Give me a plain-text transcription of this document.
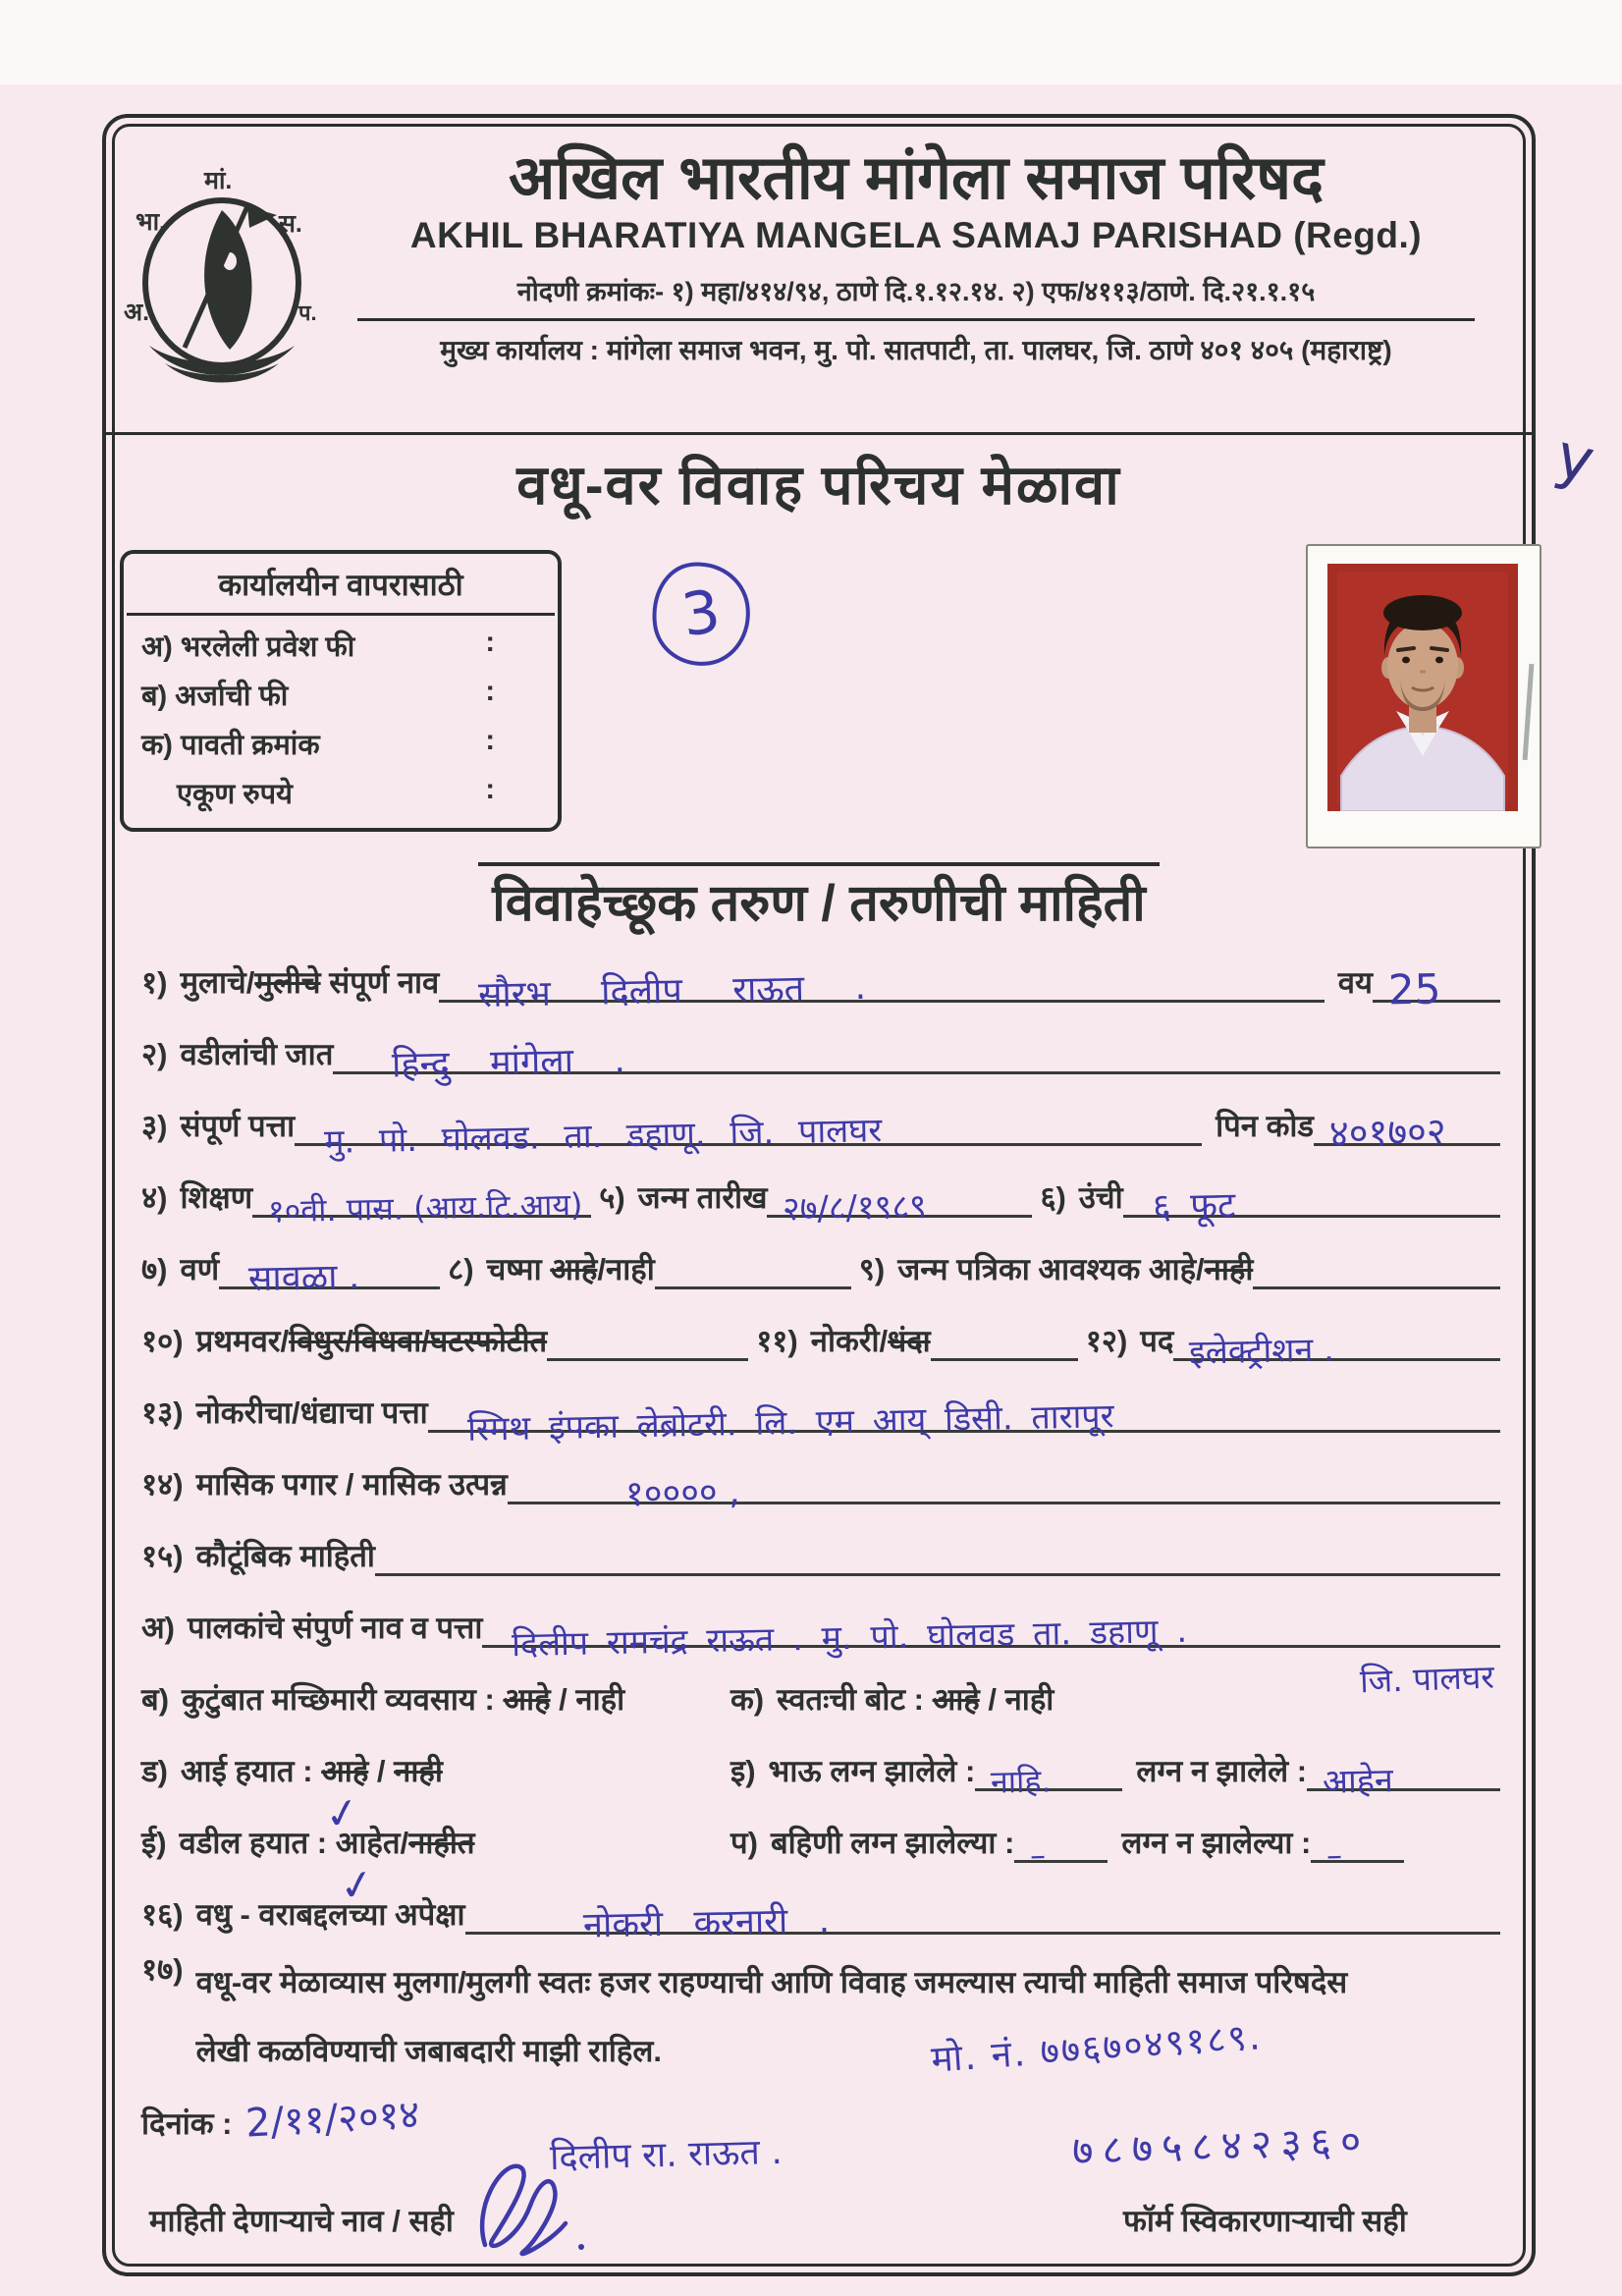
अ.
भा.
मां.
स.
प.
अखिल भारतीय मांगेला समाज परिषद
AKHIL BHARATIYA MANGELA SAMAJ PARISHAD (Regd.)
नोदणी क्रमांकः- १) महा/४१४/९४, ठाणे दि.१.१२.१४. २) एफ/४११३/ठाणे. दि.२१.१.१५
मुख्य कार्यालय : मांगेला समाज भवन, मु. पो. सातपाटी, ता. पालघर, जि. ठाणे ४०१ ४०५ (महाराष्ट्र)
वधू-वर विवाह परिचय मेळावा
कार्यालयीन वापरासाठी
अ) भरलेली प्रवेश फी	:
ब) अर्जाची फी	:
क) पावती क्रमांक	:
एकूण रुपये	:
3
विवाहेच्छूक तरुण / तरुणीची माहिती
१) मुलाचे/मुलीचे संपूर्ण नाव सौरभ दिलीप राऊत .	वय 25
२) वडीलांची जात हिन्दु मांगेला .
३) संपूर्ण पत्ता मु. पो. घोलवड. ता. डहाणू. जि. पालघर	पिन कोड ४०१७०२
४) शिक्षण १०वी. पास. (आय.टि.आय) ५) जन्म तारीख २७/८/१९८९	६) उंची ६ फूट
७) वर्ण सावळा .	८) चष्मा आहे/नाही	९) जन्म पत्रिका आवश्यक आहे/नाही
१०) प्रथमवर/विधुर/विधवा/घटस्फोटीत	११) नोकरी/धंदा	१२) पद इलेक्ट्रीशन .
१३) नोकरीचा/धंद्याचा पत्ता स्मिथ इंपका लेब्रोटरी. लि. एम आय् डिसी. तारापूर
१४) मासिक पगार / मासिक उत्पन्न	१०००० ,
१५) कौटूंबिक माहिती
अ) पालकांचे संपुर्ण नाव व पत्ता दिलीप रामचंद्र राऊत . मु. पो. घोलवड ता. डहाणू .
जि. पालघर
ब) कुटुंबात मच्छिमारी व्यवसाय : आहे / नाही	क) स्वतःची बोट : आहे / नाही
ड) आई हयात : आहे
✓
/ नाही	इ) भाऊ लग्न झालेले : नाहि.	लग्न न झालेले : आहेन
ई) वडील हयात : आहेत
✓
/नाहीत	प) बहिणी लग्न झालेल्या : – लग्न न झालेल्या : –
१६) वधु - वराबद्दलच्या अपेक्षा	नोकरी करनारी .
१७) वधू-वर मेळाव्यास मुलगा/मुलगी स्वतः हजर राहण्याची आणि विवाह जमल्यास त्याची माहिती समाज परिषदेस
लेखी कळविण्याची जबाबदारी माझी राहिल.	मो. नं. ७७६७०४९१८९.
दिनांक : 2/११/२०१४	७८७५८४२३६०
दिलीप रा. राऊत .
माहिती देणाऱ्याचे नाव / सही	फॉर्म स्विकारणाऱ्याची सही
у
